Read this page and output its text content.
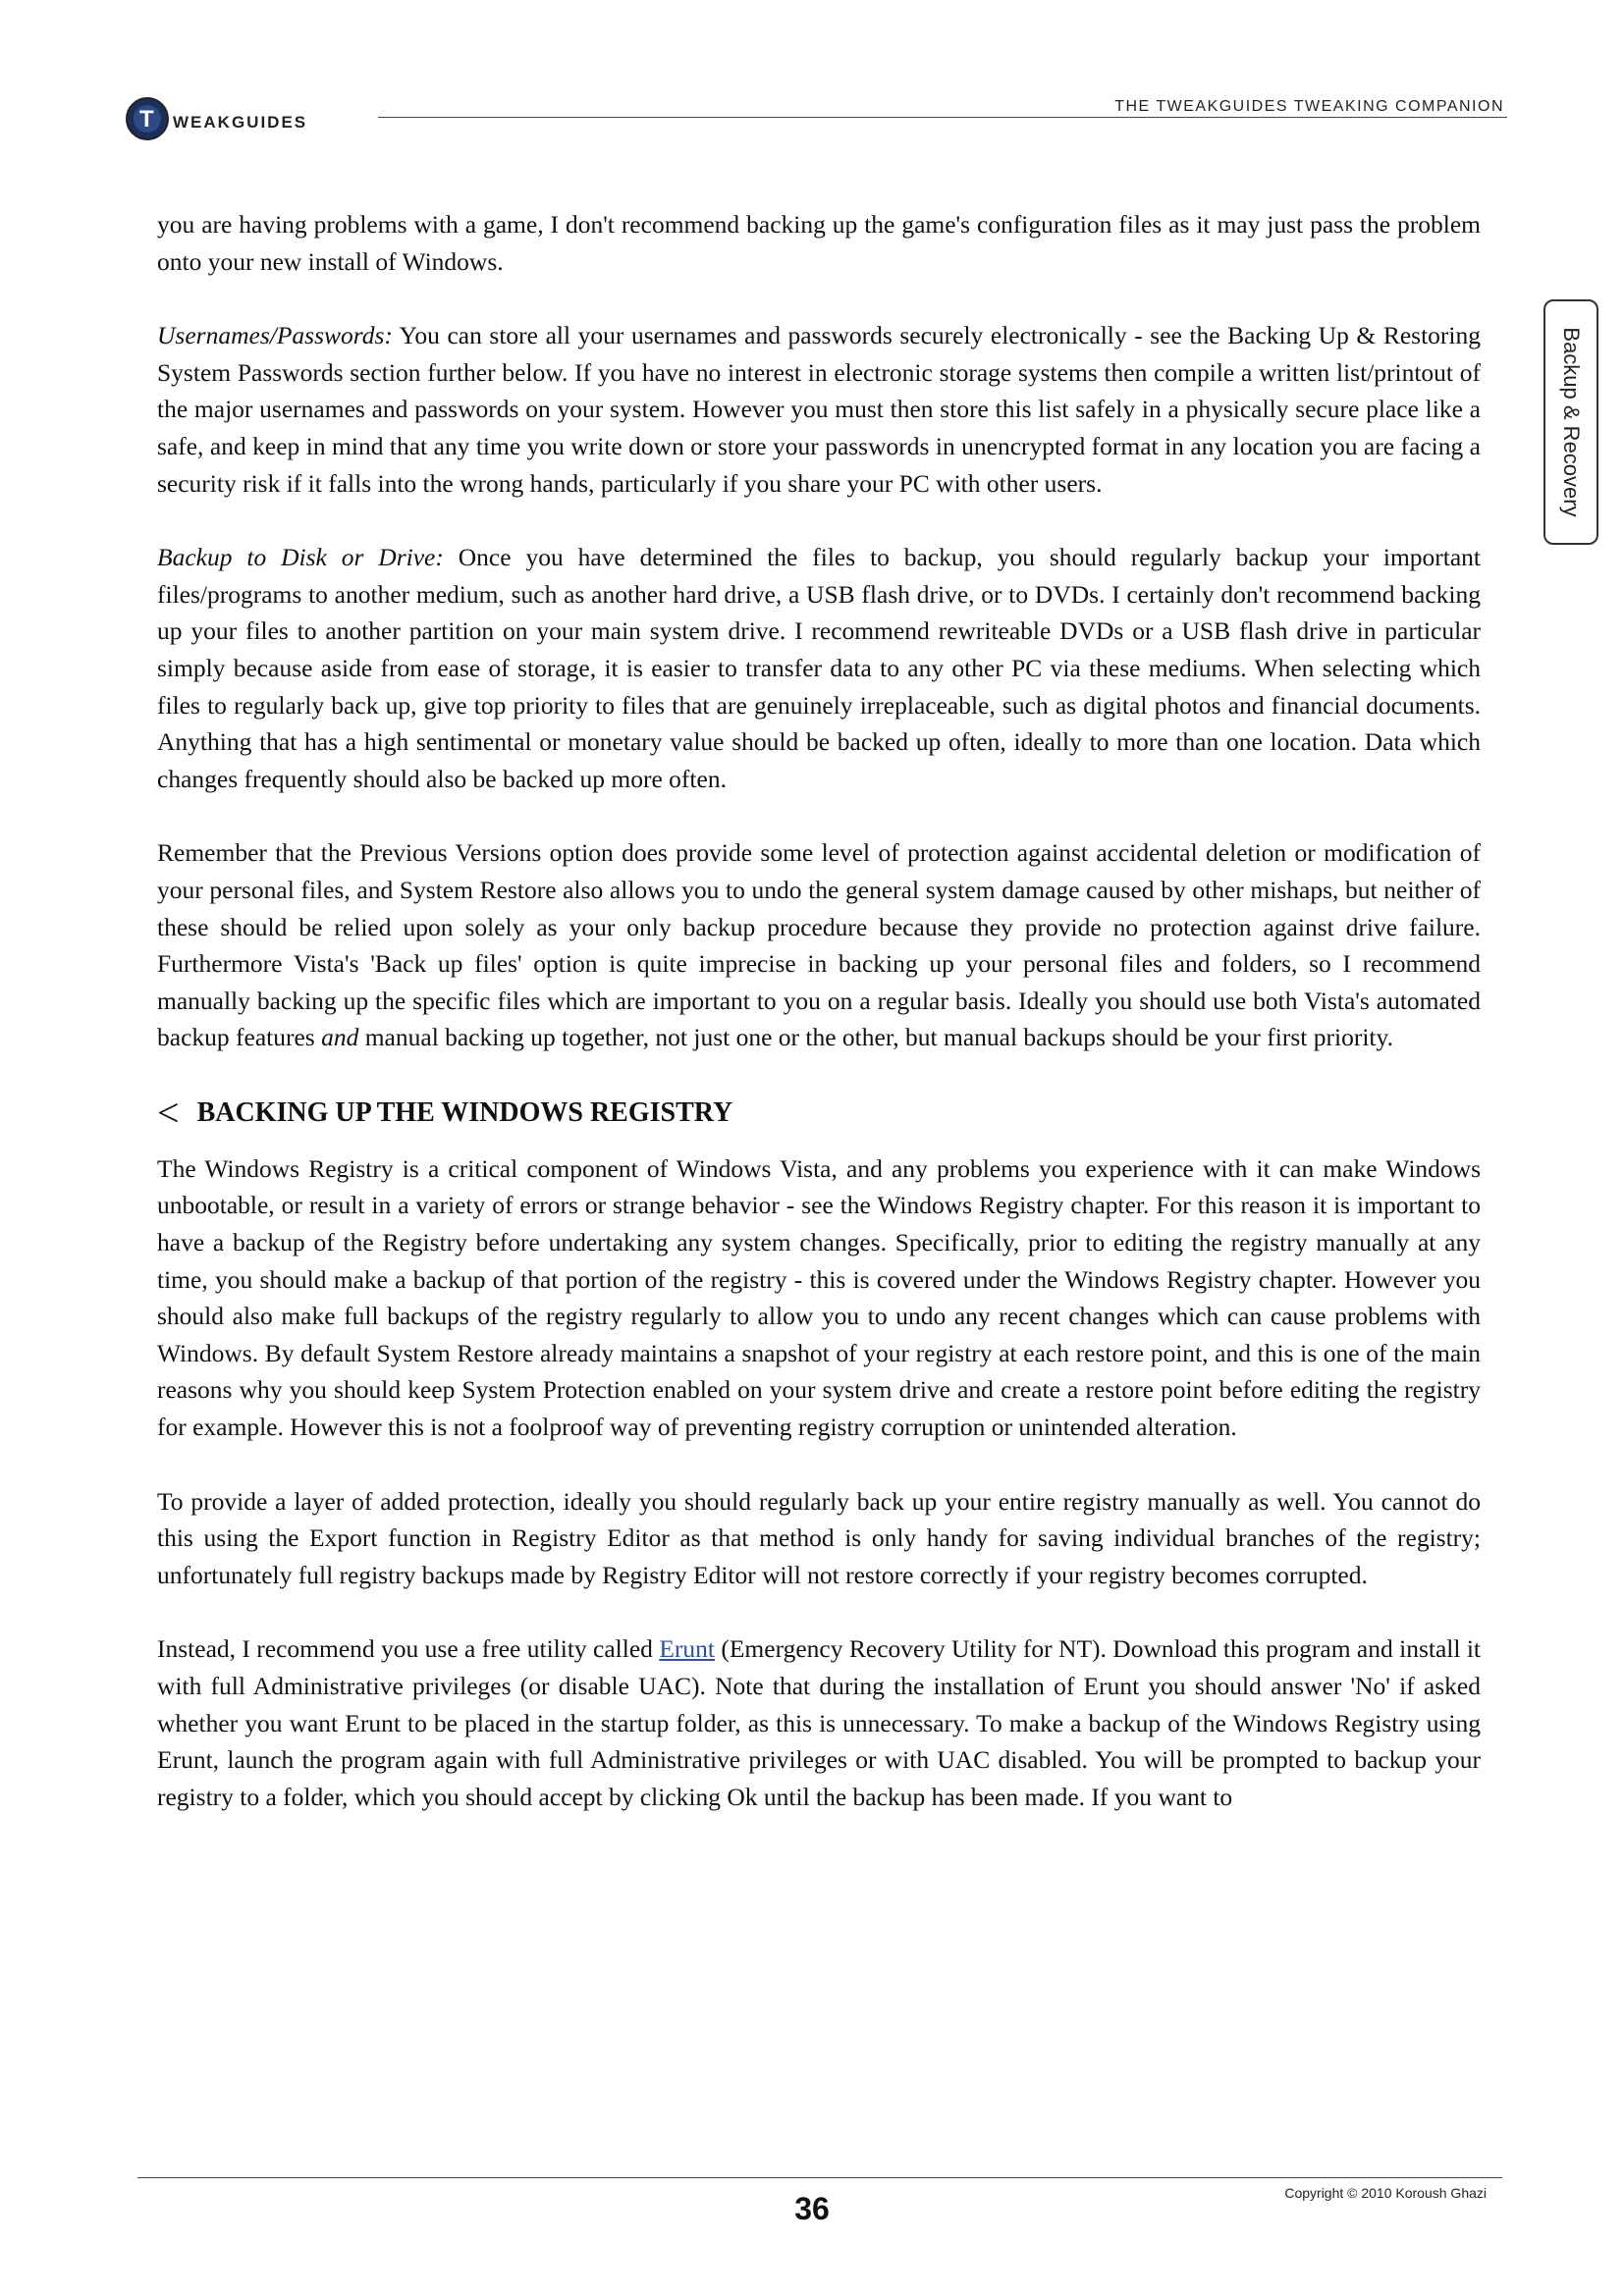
T WEAKGUIDES
THE TWEAKGUIDES TWEAKING COMPANION
Backup & Recovery

you are having problems with a game, I don't recommend backing up the game's configuration files as it may just pass the problem onto your new install of Windows.

Usernames/Passwords: You can store all your usernames and passwords securely electronically - see the Backing Up & Restoring System Passwords section further below. If you have no interest in electronic storage systems then compile a written list/printout of the major usernames and passwords on your system. However you must then store this list safely in a physically secure place like a safe, and keep in mind that any time you write down or store your passwords in unencrypted format in any location you are facing a security risk if it falls into the wrong hands, particularly if you share your PC with other users.

Backup to Disk or Drive: Once you have determined the files to backup, you should regularly backup your important files/programs to another medium, such as another hard drive, a USB flash drive, or to DVDs. I certainly don't recommend backing up your files to another partition on your main system drive. I recommend rewriteable DVDs or a USB flash drive in particular simply because aside from ease of storage, it is easier to transfer data to any other PC via these mediums. When selecting which files to regularly back up, give top priority to files that are genuinely irreplaceable, such as digital photos and financial documents. Anything that has a high sentimental or monetary value should be backed up often, ideally to more than one location. Data which changes frequently should also be backed up more often.

Remember that the Previous Versions option does provide some level of protection against accidental deletion or modification of your personal files, and System Restore also allows you to undo the general system damage caused by other mishaps, but neither of these should be relied upon solely as your only backup procedure because they provide no protection against drive failure. Furthermore Vista's 'Back up files' option is quite imprecise in backing up your personal files and folders, so I recommend manually backing up the specific files which are important to you on a regular basis. Ideally you should use both Vista's automated backup features and manual backing up together, not just one or the other, but manual backups should be your first priority.

< BACKING UP THE WINDOWS REGISTRY

The Windows Registry is a critical component of Windows Vista, and any problems you experience with it can make Windows unbootable, or result in a variety of errors or strange behavior - see the Windows Registry chapter. For this reason it is important to have a backup of the Registry before undertaking any system changes. Specifically, prior to editing the registry manually at any time, you should make a backup of that portion of the registry - this is covered under the Windows Registry chapter. However you should also make full backups of the registry regularly to allow you to undo any recent changes which can cause problems with Windows. By default System Restore already maintains a snapshot of your registry at each restore point, and this is one of the main reasons why you should keep System Protection enabled on your system drive and create a restore point before editing the registry for example. However this is not a foolproof way of preventing registry corruption or unintended alteration.

To provide a layer of added protection, ideally you should regularly back up your entire registry manually as well. You cannot do this using the Export function in Registry Editor as that method is only handy for saving individual branches of the registry; unfortunately full registry backups made by Registry Editor will not restore correctly if your registry becomes corrupted.

Instead, I recommend you use a free utility called Erunt (Emergency Recovery Utility for NT). Download this program and install it with full Administrative privileges (or disable UAC). Note that during the installation of Erunt you should answer 'No' if asked whether you want Erunt to be placed in the startup folder, as this is unnecessary. To make a backup of the Windows Registry using Erunt, launch the program again with full Administrative privileges or with UAC disabled. You will be prompted to backup your registry to a folder, which you should accept by clicking Ok until the backup has been made. If you want to

Copyright © 2010 Koroush Ghazi
36
